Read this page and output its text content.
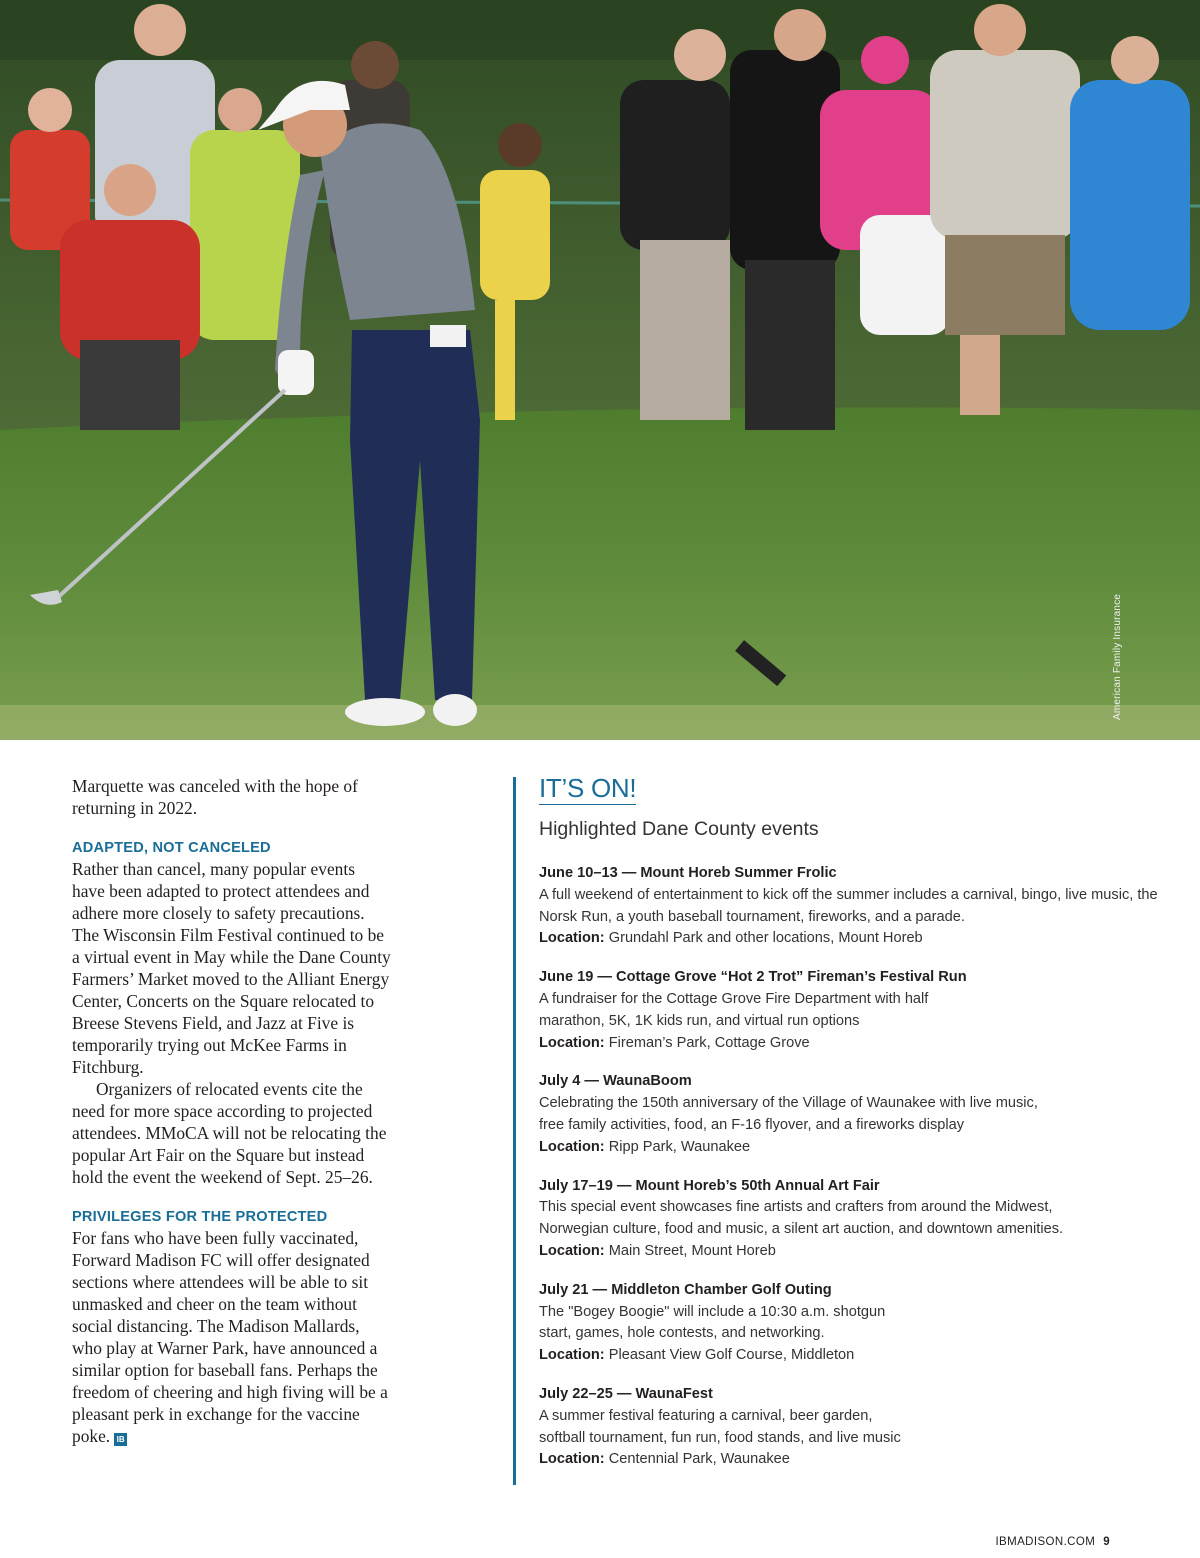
American Family Insurance

Marquette was canceled with the hope of returning in 2022.

ADAPTED, NOT CANCELED

Rather than cancel, many popular events have been adapted to protect attendees and adhere more closely to safety precautions. The Wisconsin Film Festival continued to be a virtual event in May while the Dane County Farmers’ Market moved to the Alliant Energy Center, Concerts on the Square relocated to Breese Stevens Field, and Jazz at Five is temporarily trying out McKee Farms in Fitchburg.

Organizers of relocated events cite the need for more space according to projected attendees. MMoCA will not be relocating the popular Art Fair on the Square but instead hold the event the weekend of Sept. 25–26.

PRIVILEGES FOR THE PROTECTED

For fans who have been fully vaccinated, Forward Madison FC will offer designated sections where attendees will be able to sit unmasked and cheer on the team without social distancing. The Madison Mallards, who play at Warner Park, have announced a similar option for baseball fans. Perhaps the freedom of cheering and high fiving will be a pleasant perk in exchange for the vaccine poke. IB

IT’S ON!
Highlighted Dane County events
June 10–13 — Mount Horeb Summer Frolic
A full weekend of entertainment to kick off the summer includes a carnival, bingo, live music, the Norsk Run, a youth baseball tournament, fireworks, and a parade.
Location: Grundahl Park and other locations, Mount Horeb
June 19 — Cottage Grove “Hot 2 Trot” Fireman’s Festival Run
A fundraiser for the Cottage Grove Fire Department with half marathon, 5K, 1K kids run, and virtual run options
Location: Fireman’s Park, Cottage Grove
July 4 — WaunaBoom
Celebrating the 150th anniversary of the Village of Waunakee with live music, free family activities, food, an F-16 flyover, and a fireworks display
Location: Ripp Park, Waunakee
July 17–19 — Mount Horeb’s 50th Annual Art Fair
This special event showcases fine artists and crafters from around the Midwest, Norwegian culture, food and music, a silent art auction, and downtown amenities.
Location: Main Street, Mount Horeb
July 21 — Middleton Chamber Golf Outing
The "Bogey Boogie" will include a 10:30 a.m. shotgun start, games, hole contests, and networking.
Location: Pleasant View Golf Course, Middleton
July 22–25 — WaunaFest
A summer festival featuring a carnival, beer garden, softball tournament, fun run, food stands, and live music
Location: Centennial Park, Waunakee
IBMADISON.COM 9
